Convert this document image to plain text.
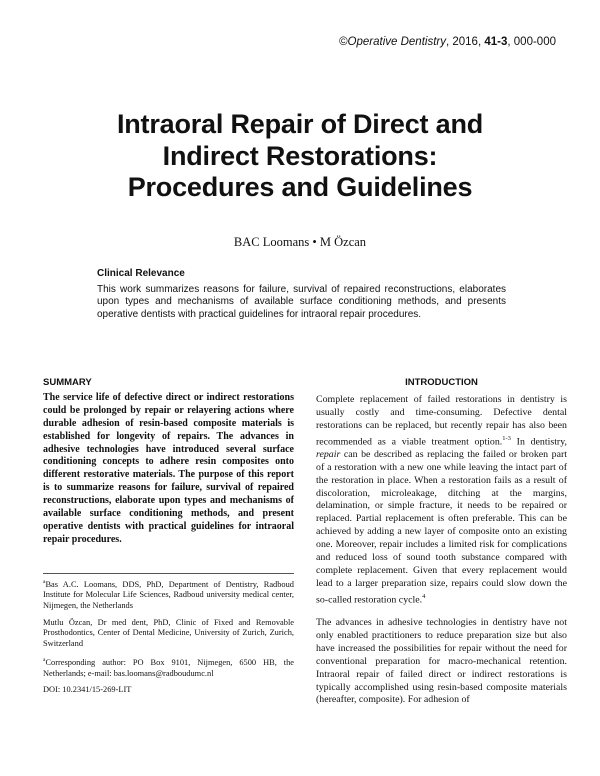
©Operative Dentistry, 2016, 41-3, 000-000
Intraoral Repair of Direct and
Indirect Restorations:
Procedures and Guidelines
BAC Loomans • M Özcan
Clinical Relevance

This work summarizes reasons for failure, survival of repaired reconstructions, elaborates upon types and mechanisms of available surface conditioning methods, and presents operative dentists with practical guidelines for intraoral repair procedures.

SUMMARY

The service life of defective direct or indirect restorations could be prolonged by repair or relayering actions where durable adhesion of resin-based composite materials is established for longevity of repairs. The advances in adhesive technologies have introduced several surface conditioning concepts to adhere resin composites onto different restorative materials. The purpose of this report is to summarize reasons for failure, survival of repaired reconstructions, elaborate upon types and mechanisms of available surface conditioning methods, and present operative dentists with practical guidelines for intraoral repair procedures.

$^a$Bas A.C. Loomans, DDS, PhD, Department of Dentistry, Radboud Institute for Molecular Life Sciences, Radboud university medical center, Nijmegen, the Netherlands

Mutlu Özcan, Dr med dent, PhD, Clinic of Fixed and Removable Prosthodontics, Center of Dental Medicine, University of Zurich, Zurich, Switzerland

$^a$Corresponding author: PO Box 9101, Nijmegen, 6500 HB, the Netherlands; e-mail: bas.loomans@radboudumc.nl

DOI: 10.2341/15-269-LIT

INTRODUCTION

Complete replacement of failed restorations in dentistry is usually costly and time-consuming. Defective dental restorations can be replaced, but recently repair has also been recommended as a viable treatment option.$^{1-3}$ In dentistry, repair can be described as replacing the failed or broken part of a restoration with a new one while leaving the intact part of the restoration in place. When a restoration fails as a result of discoloration, microleakage, ditching at the margins, delamination, or simple fracture, it needs to be repaired or replaced. Partial replacement is often preferable. This can be achieved by adding a new layer of composite onto an existing one. Moreover, repair includes a limited risk for complications and reduced loss of sound tooth substance compared with complete replacement. Given that every replacement would lead to a larger preparation size, repairs could slow down the so-called restoration cycle.$^4$

The advances in adhesive technologies in dentistry have not only enabled practitioners to reduce preparation size but also have increased the possibilities for repair without the need for conventional preparation for macro-mechanical retention. Intraoral repair of failed direct or indirect restorations is typically accomplished using resin-based composite materials (hereafter, composite). For adhesion of
